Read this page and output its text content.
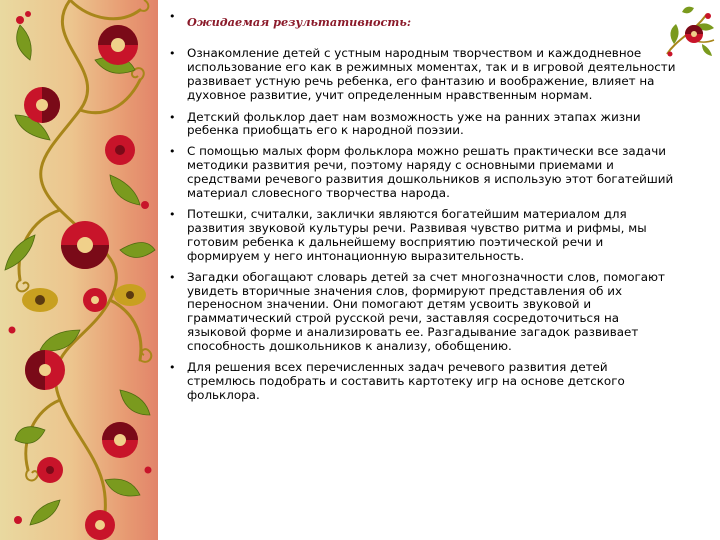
• Ожидаемая результативность:
• Ознакомление детей с устным народным творчеством и каждодневное использование его как в режимных моментах, так и в игровой деятельности развивает устную речь ребенка, его фантазию и воображение, влияет на духовное развитие, учит определенным нравственным нормам.
• Детский фольклор дает нам возможность уже на ранних этапах жизни ребенка приобщать его к народной поэзии.
• С помощью малых форм фольклора можно решать практически все задачи методики развития речи, поэтому наряду с основными приемами и средствами речевого развития дошкольников я использую этот богатейший материал словесного творчества народа.
• Потешки, считалки, заклички являются богатейшим материалом для развития звуковой культуры речи. Развивая чувство ритма и рифмы, мы готовим ребенка к дальнейшему восприятию поэтической речи и формируем у него интонационную выразительность.
• Загадки обогащают словарь детей за счет многозначности слов, помогают увидеть вторичные значения слов, формируют представления об их переносном значении. Они помогают детям усвоить звуковой и грамматический строй русской речи, заставляя сосредоточиться на языковой форме и анализировать ее. Разгадывание загадок развивает способность дошкольников к анализу, обобщению.
• Для решения всех перечисленных задач речевого развития детей стремлюсь подобрать и составить картотеку игр на основе детского фольклора.
